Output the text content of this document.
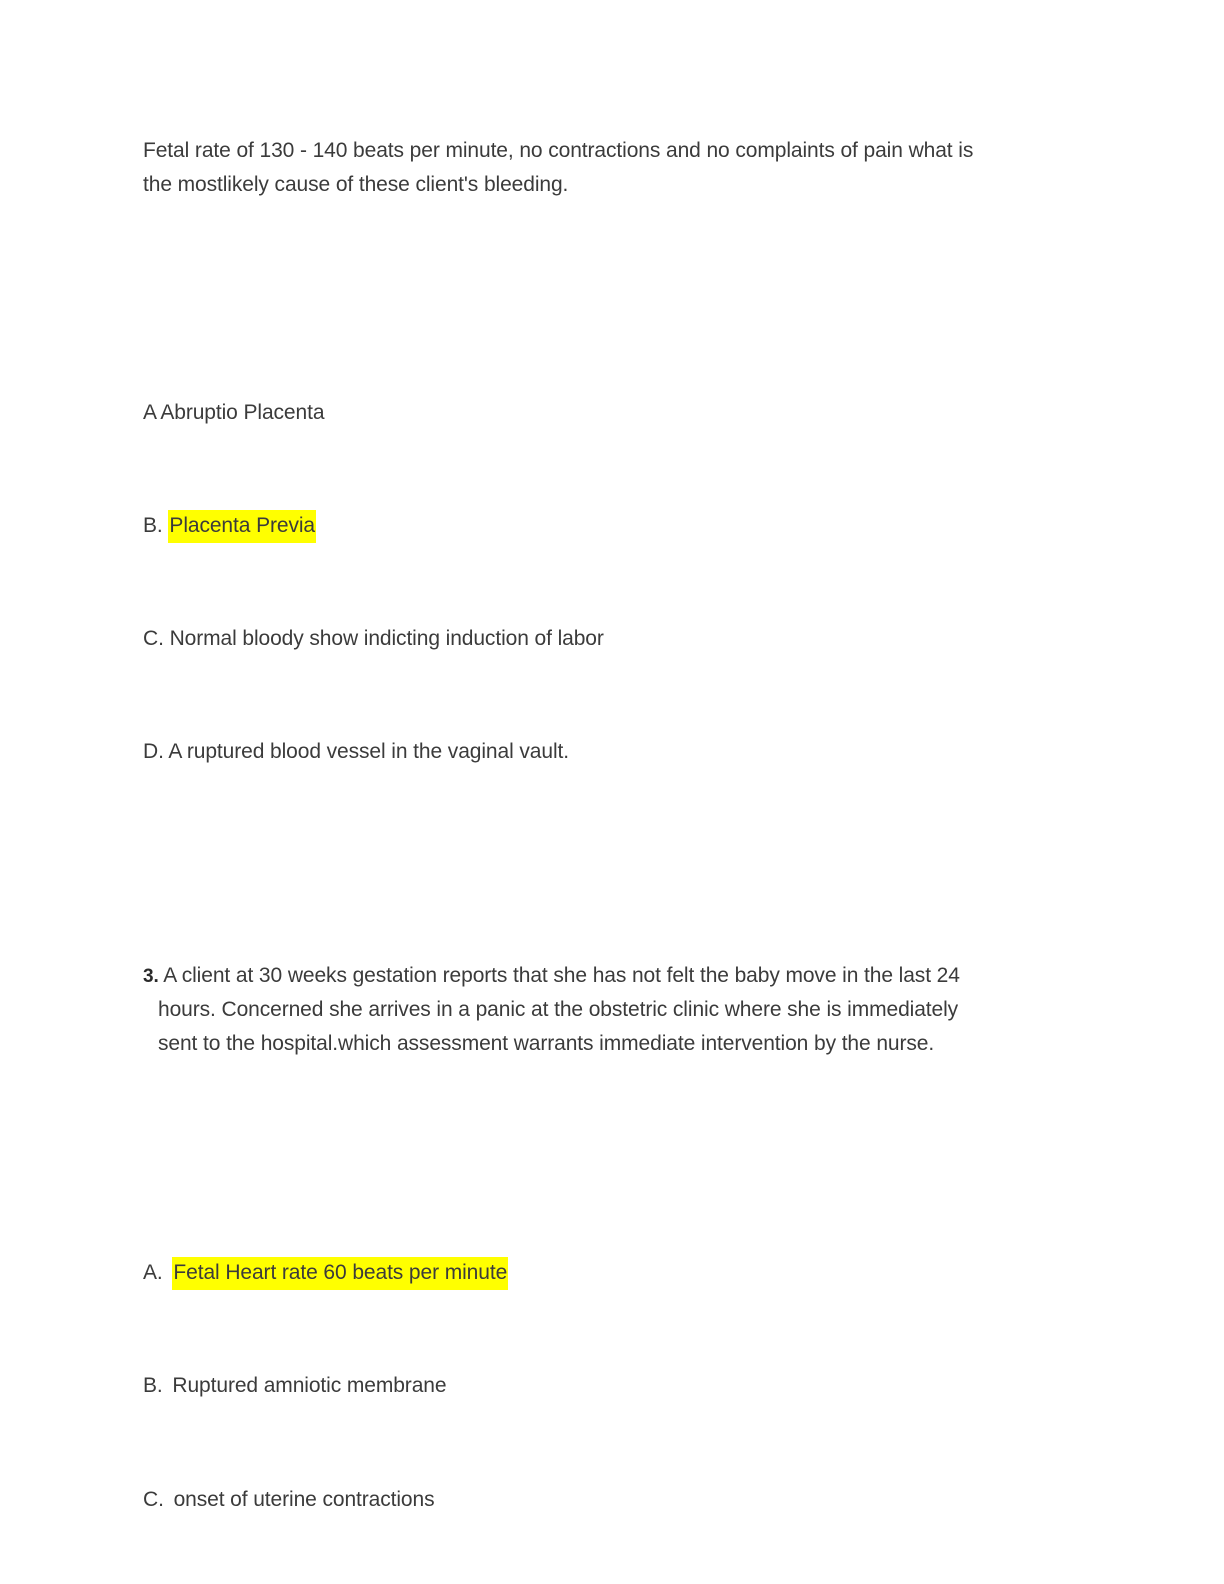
Fetal rate of 130 - 140 beats per minute, no contractions and no complaints of pain what is
the mostlikely cause of these client's bleeding.
A Abruptio Placenta
B. Placenta Previa
C. Normal bloody show indicting induction of labor
D. A ruptured blood vessel in the vaginal vault.
3. A client at 30 weeks gestation reports that she has not felt the baby move in the last 24
hours. Concerned she arrives in a panic at the obstetric clinic where she is immediately
sent to the hospital.which assessment warrants immediate intervention by the nurse.
A. Fetal Heart rate 60 beats per minute
B. Ruptured amniotic membrane
C. onset of uterine contractions
